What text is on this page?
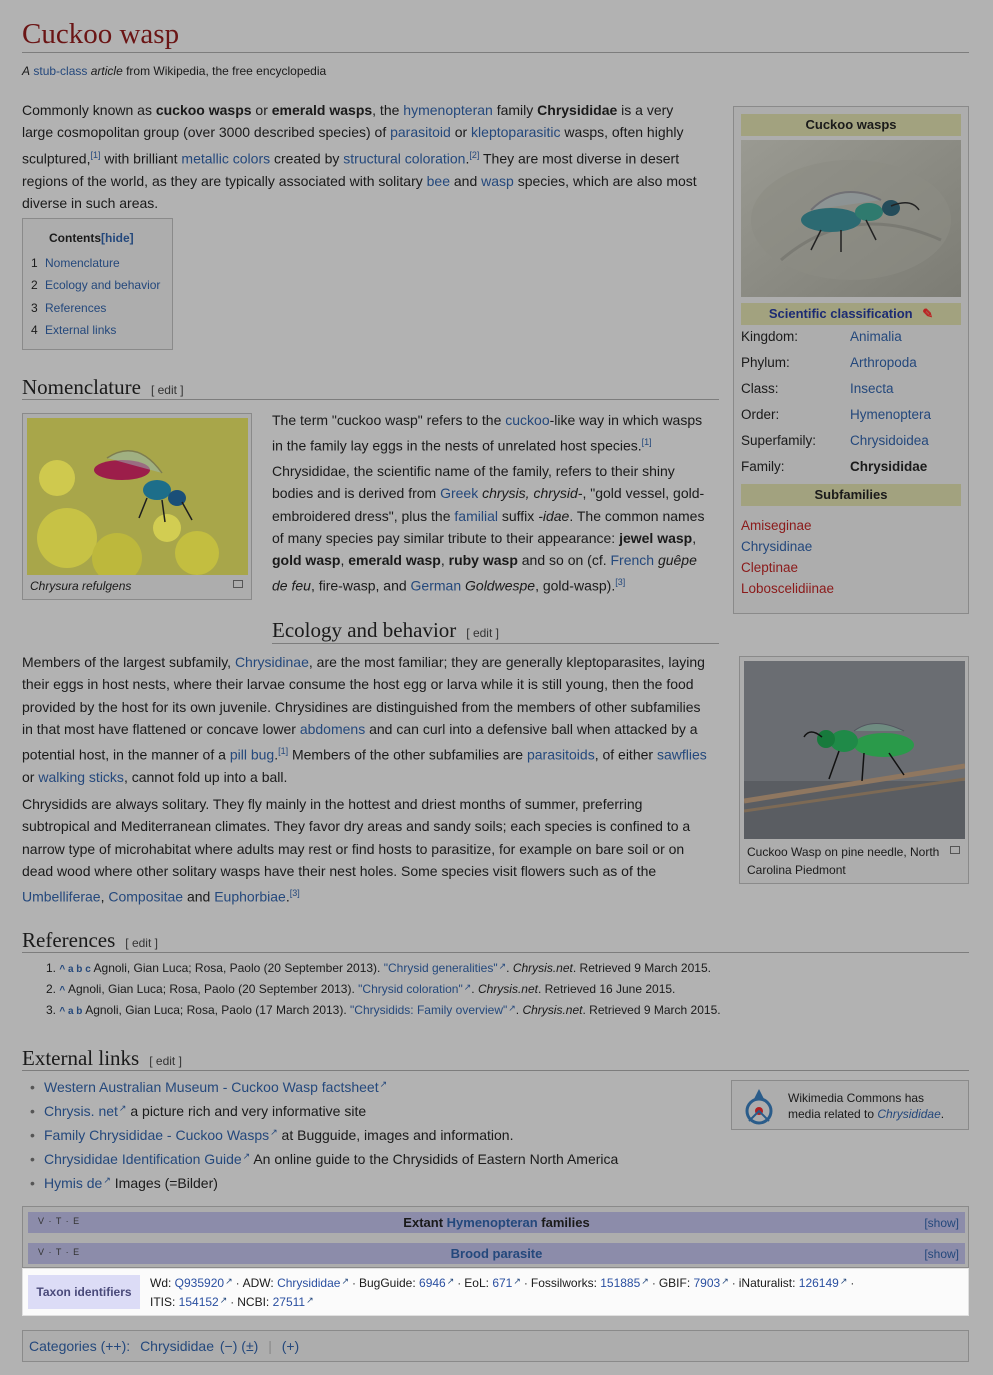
Cuckoo wasp
A stub-class article from Wikipedia, the free encyclopedia
Commonly known as cuckoo wasps or emerald wasps, the hymenopteran family Chrysididae is a very
large cosmopolitan group (over 3000 described species) of parasitoid or kleptoparasitic wasps, often highly
sculptured,[1] with brilliant metallic colors created by structural coloration.[2] They are most diverse in desert
regions of the world, as they are typically associated with solitary bee and wasp species, which are also most
diverse in such areas.
Contents[hide]
1 Nomenclature
2 Ecology and behavior
3 References
4 External links
Cuckoo wasps
Scientific classification ✎
Kingdom:	Animalia
Phylum:	Arthropoda
Class:	Insecta
Order:	Hymenoptera
Superfamily:	Chrysidoidea
Family:	Chrysididae
Subfamilies
Amiseginae
Chrysidinae
Cleptinae
Loboscelidiinae
Nomenclature [ edit ]
Chrysura refulgens
The term "cuckoo wasp" refers to the cuckoo-like way in which wasps
in the family lay eggs in the nests of unrelated host species.[1]
Chrysididae, the scientific name of the family, refers to their shiny
bodies and is derived from Greek chrysis, chrysid-, "gold vessel, gold-
embroidered dress", plus the familial suffix -idae. The common names
of many species pay similar tribute to their appearance: jewel wasp,
gold wasp, emerald wasp, ruby wasp and so on (cf. French guêpe
de feu, fire-wasp, and German Goldwespe, gold-wasp).[3]
Ecology and behavior [ edit ]
Members of the largest subfamily, Chrysidinae, are the most familiar; they are generally kleptoparasites, laying
their eggs in host nests, where their larvae consume the host egg or larva while it is still young, then the food
provided by the host for its own juvenile. Chrysidines are distinguished from the members of other subfamilies
in that most have flattened or concave lower abdomens and can curl into a defensive ball when attacked by a
potential host, in the manner of a pill bug.[1] Members of the other subfamilies are parasitoids, of either sawflies
or walking sticks, cannot fold up into a ball.
Chrysidids are always solitary. They fly mainly in the hottest and driest months of summer, preferring
subtropical and Mediterranean climates. They favor dry areas and sandy soils; each species is confined to a
narrow type of microhabitat where adults may rest or find hosts to parasitize, for example on bare soil or on
dead wood where other solitary wasps have their nest holes. Some species visit flowers such as of the
Umbelliferae, Compositae and Euphorbiae.[3]
Cuckoo Wasp on pine needle, North
Carolina Piedmont
References [ edit ]
1. ^ a b c Agnoli, Gian Luca; Rosa, Paolo (20 September 2013). "Chrysid generalities" ↗ . Chrysis.net. Retrieved 9 March 2015.
2. ^ Agnoli, Gian Luca; Rosa, Paolo (20 September 2013). "Chrysid coloration" ↗ . Chrysis.net. Retrieved 16 June 2015.
3. ^ a b Agnoli, Gian Luca; Rosa, Paolo (17 March 2013). "Chrysidids: Family overview" ↗ . Chrysis.net. Retrieved 9 March 2015.
External links [ edit ]
• Western Australian Museum - Cuckoo Wasp factsheet ↗
• Chrysis. net ↗ a picture rich and very informative site
• Family Chrysididae - Cuckoo Wasps ↗ at Bugguide, images and information.
• Chrysididae Identification Guide ↗ An online guide to the Chrysidids of Eastern North America
• Hymis de ↗ Images (=Bilder)
Wikimedia Commons has
media related to Chrysididae.
V · T · E	Extant Hymenopteran families	[show]
V · T · E	Brood parasite	[show]
Taxon identifiers
Wd: Q935920 ↗ · ADW: Chrysididae ↗ · BugGuide: 6946 ↗ · EoL: 671 ↗ · Fossilworks: 151885 ↗ · GBIF: 7903 ↗ · iNaturalist: 126149 ↗ ·
ITIS: 154152 ↗ · NCBI: 27511 ↗
Categories (++): Chrysididae (−) (±) | (+)
